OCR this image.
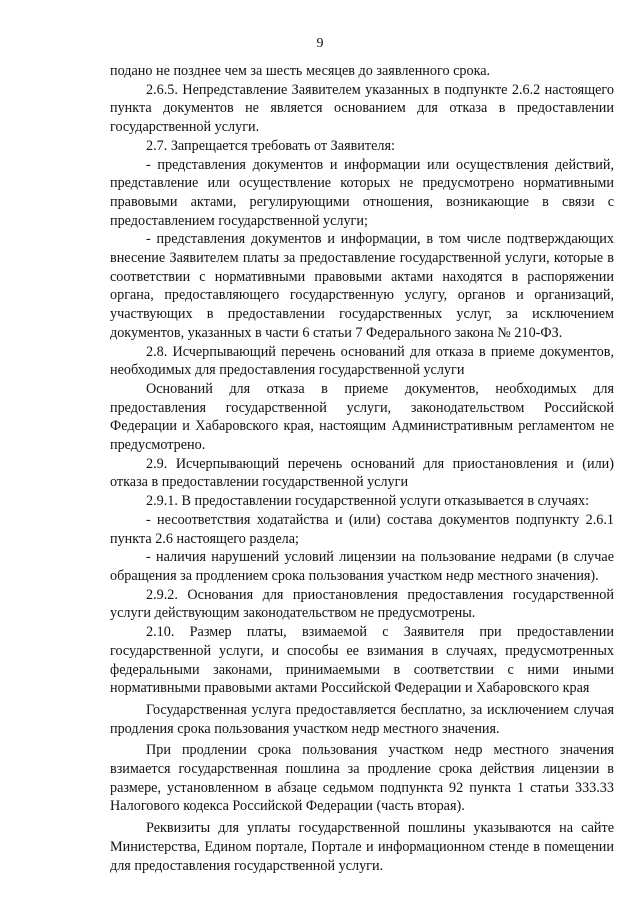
9

подано не позднее чем за шесть месяцев до заявленного срока.

2.6.5. Непредставление Заявителем указанных в подпункте 2.6.2 настоящего пункта документов не является основанием для отказа в предоставлении государственной услуги.

2.7. Запрещается требовать от Заявителя:

- представления документов и информации или осуществления действий, представление или осуществление которых не предусмотрено нормативными правовыми актами, регулирующими отношения, возникающие в связи с предоставлением государственной услуги;

- представления документов и информации, в том числе подтверждающих внесение Заявителем платы за предоставление государственной услуги, которые в соответствии с нормативными правовыми актами находятся в распоряжении органа, предоставляющего государственную услугу, органов и организаций, участвующих в предоставлении государственных услуг, за исключением документов, указанных в части 6 статьи 7 Федерального закона № 210-ФЗ.

2.8. Исчерпывающий перечень оснований для отказа в приеме документов, необходимых для предоставления государственной услуги

Оснований для отказа в приеме документов, необходимых для предоставления государственной услуги, законодательством Российской Федерации и Хабаровского края, настоящим Административным регламентом не предусмотрено.

2.9. Исчерпывающий перечень оснований для приостановления и (или) отказа в предоставлении государственной услуги

2.9.1. В предоставлении государственной услуги отказывается в случаях:

- несоответствия ходатайства и (или) состава документов подпункту 2.6.1 пункта 2.6 настоящего раздела;

- наличия нарушений условий лицензии на пользование недрами (в случае обращения за продлением срока пользования участком недр местного значения).

2.9.2. Основания для приостановления предоставления государственной услуги действующим законодательством не предусмотрены.

2.10. Размер платы, взимаемой с Заявителя при предоставлении государственной услуги, и способы ее взимания в случаях, предусмотренных федеральными законами, принимаемыми в соответствии с ними иными нормативными правовыми актами Российской Федерации и Хабаровского края

Государственная услуга предоставляется бесплатно, за исключением случая продления срока пользования участком недр местного значения.

При продлении срока пользования участком недр местного значения взимается государственная пошлина за продление срока действия лицензии в размере, установленном в абзаце седьмом подпункта 92 пункта 1 статьи 333.33 Налогового кодекса Российской Федерации (часть вторая).

Реквизиты для уплаты государственной пошлины указываются на сайте Министерства, Едином портале, Портале и информационном стенде в помещении для предоставления государственной услуги.
